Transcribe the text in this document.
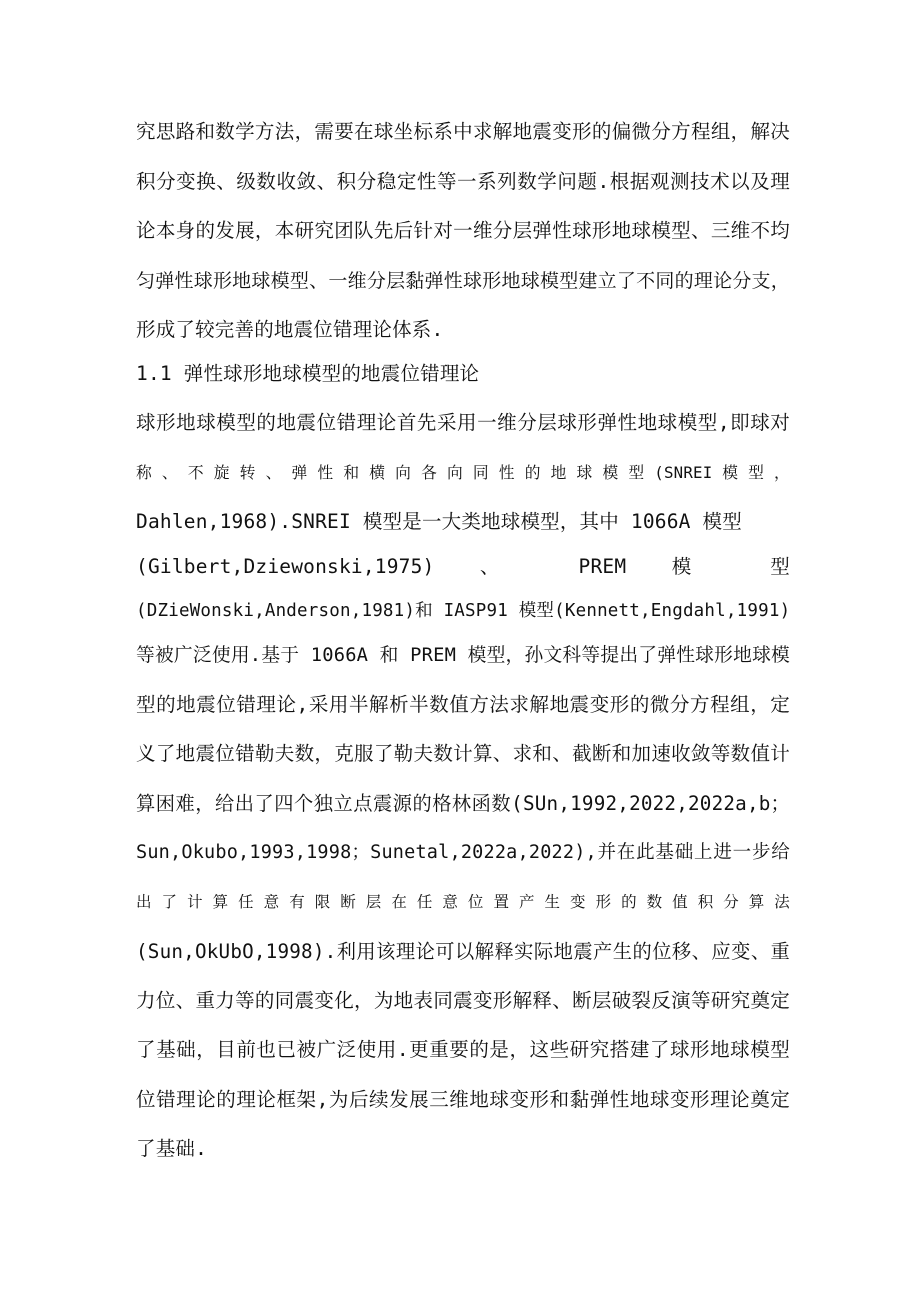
究思路和数学方法，需要在球坐标系中求解地震变形的偏微分方程组，解决
积分变换、级数收敛、积分稳定性等一系列数学问题.根据观测技术以及理
论本身的发展，本研究团队先后针对一维分层弹性球形地球模型、三维不均
匀弹性球形地球模型、一维分层黏弹性球形地球模型建立了不同的理论分支，
形成了较完善的地震位错理论体系.
1.1 弹性球形地球模型的地震位错理论
球形地球模型的地震位错理论首先采用一维分层球形弹性地球模型,即球对
称 、 不 旋 转 、 弹 性 和 横 向 各 向 同 性 的 地 球 模 型 (SNREI 模 型 ，
Dahlen,1968).SNREI 模型是一大类地球模型，其中 1066A 模型
(Gilbert,Dziewonski,1975) 、 PREM 模 型
(DZieWonski,Anderson,1981)和 IASP91 模型(Kennett,Engdahl,1991)
等被广泛使用.基于 1066A 和 PREM 模型，孙文科等提出了弹性球形地球模
型的地震位错理论,采用半解析半数值方法求解地震变形的微分方程组，定
义了地震位错勒夫数，克服了勒夫数计算、求和、截断和加速收敛等数值计
算困难，给出了四个独立点震源的格林函数(SUn,1992,2022,2022a,b；
Sun,Okubo,1993,1998；Sunetal,2022a,2022),并在此基础上进一步给
出 了 计 算 任 意 有 限 断 层 在 任 意 位 置 产 生 变 形 的 数 值 积 分 算 法
(Sun,OkUbO,1998).利用该理论可以解释实际地震产生的位移、应变、重
力位、重力等的同震变化，为地表同震变形解释、断层破裂反演等研究奠定
了基础，目前也已被广泛使用.更重要的是，这些研究搭建了球形地球模型
位错理论的理论框架,为后续发展三维地球变形和黏弹性地球变形理论奠定
了基础.
